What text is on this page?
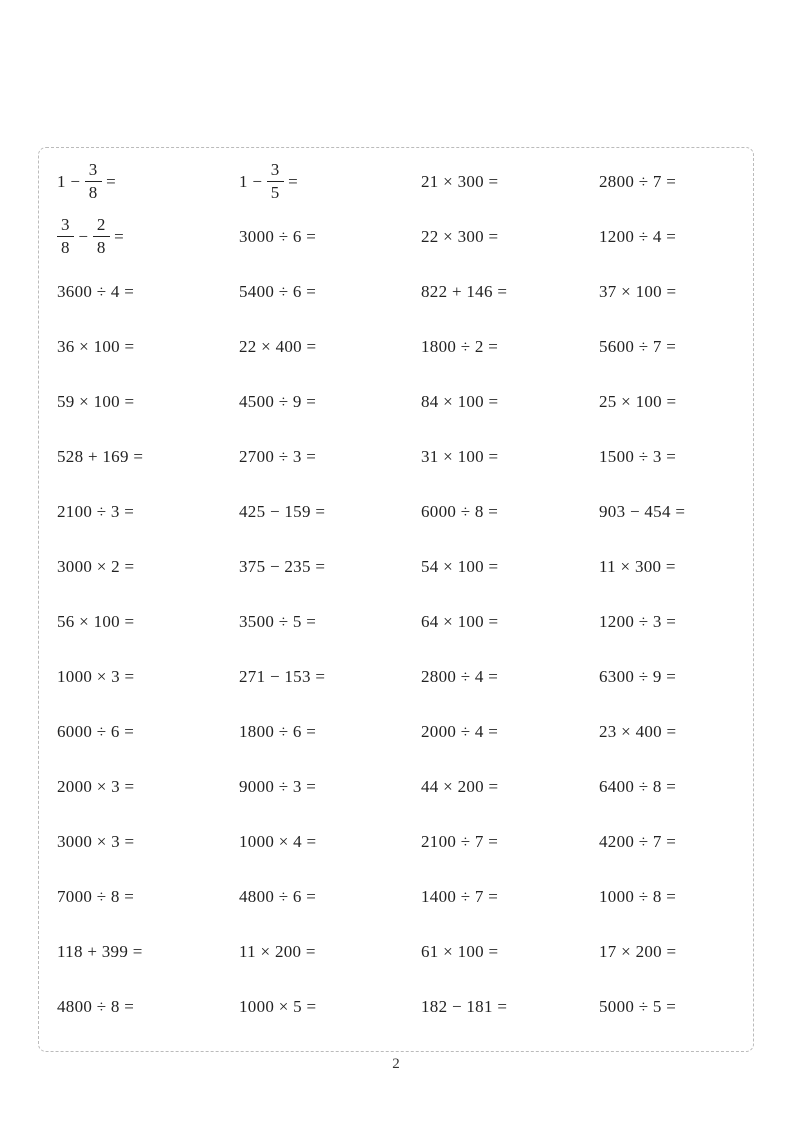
$1 - \frac{3}{8}$ =	$1 - \frac{3}{5}$ =	21 × 300 =	2800 ÷ 7 =
$\frac{3}{8} - \frac{2}{8}$ =	3000 ÷ 6 =	22 × 300 =	1200 ÷ 4 =
3600 ÷ 4 =	5400 ÷ 6 =	822 + 146 =	37 × 100 =
36 × 100 =	22 × 400 =	1800 ÷ 2 =	5600 ÷ 7 =
59 × 100 =	4500 ÷ 9 =	84 × 100 =	25 × 100 =
528 + 169 =	2700 ÷ 3 =	31 × 100 =	1500 ÷ 3 =
2100 ÷ 3 =	425 − 159 =	6000 ÷ 8 =	903 − 454 =
3000 × 2 =	375 − 235 =	54 × 100 =	11 × 300 =
56 × 100 =	3500 ÷ 5 =	64 × 100 =	1200 ÷ 3 =
1000 × 3 =	271 − 153 =	2800 ÷ 4 =	6300 ÷ 9 =
6000 ÷ 6 =	1800 ÷ 6 =	2000 ÷ 4 =	23 × 400 =
2000 × 3 =	9000 ÷ 3 =	44 × 200 =	6400 ÷ 8 =
3000 × 3 =	1000 × 4 =	2100 ÷ 7 =	4200 ÷ 7 =
7000 ÷ 8 =	4800 ÷ 6 =	1400 ÷ 7 =	1000 ÷ 8 =
118 + 399 =	11 × 200 =	61 × 100 =	17 × 200 =
4800 ÷ 8 =	1000 × 5 =	182 − 181 =	5000 ÷ 5 =
2
